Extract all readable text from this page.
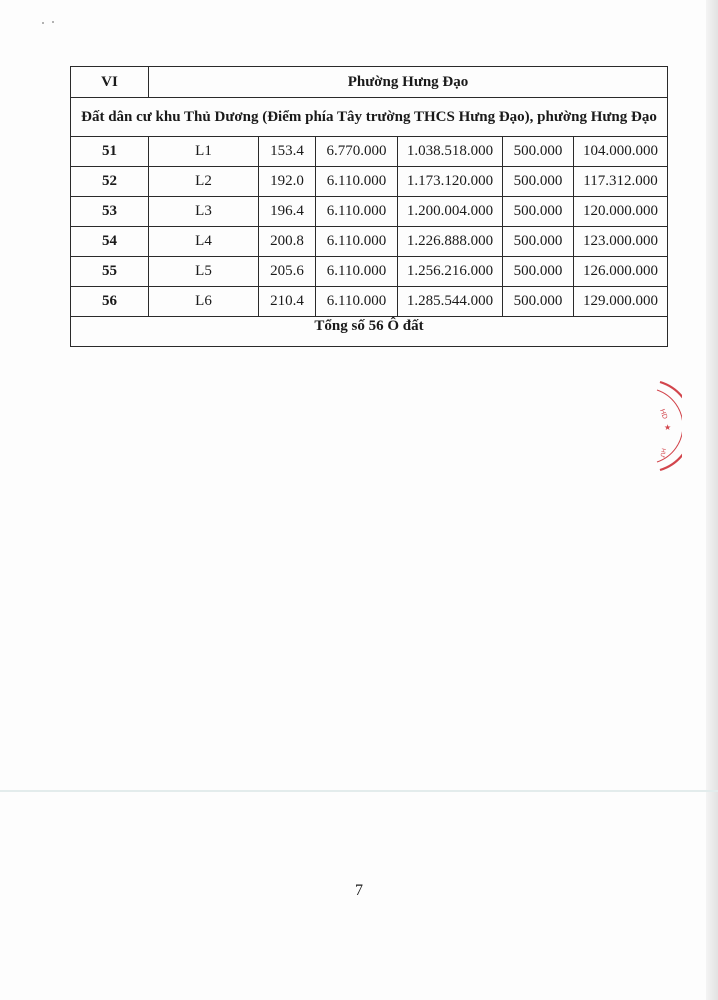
VI	Phường Hưng Đạo					
Đất dân cư khu Thủ Dương (Điểm phía Tây trường THCS Hưng Đạo), phường Hưng Đạo						
51	L1	153.4	6.770.000	1.038.518.000	500.000	104.000.000
52	L2	192.0	6.110.000	1.173.120.000	500.000	117.312.000
53	L3	196.4	6.110.000	1.200.004.000	500.000	120.000.000
54	L4	200.8	6.110.000	1.226.888.000	500.000	123.000.000
55	L5	205.6	6.110.000	1.256.216.000	500.000	126.000.000
56	L6	210.4	6.110.000	1.285.544.000	500.000	129.000.000
Tổng số 56 Ô đất						
HD
★
HƯ
7
